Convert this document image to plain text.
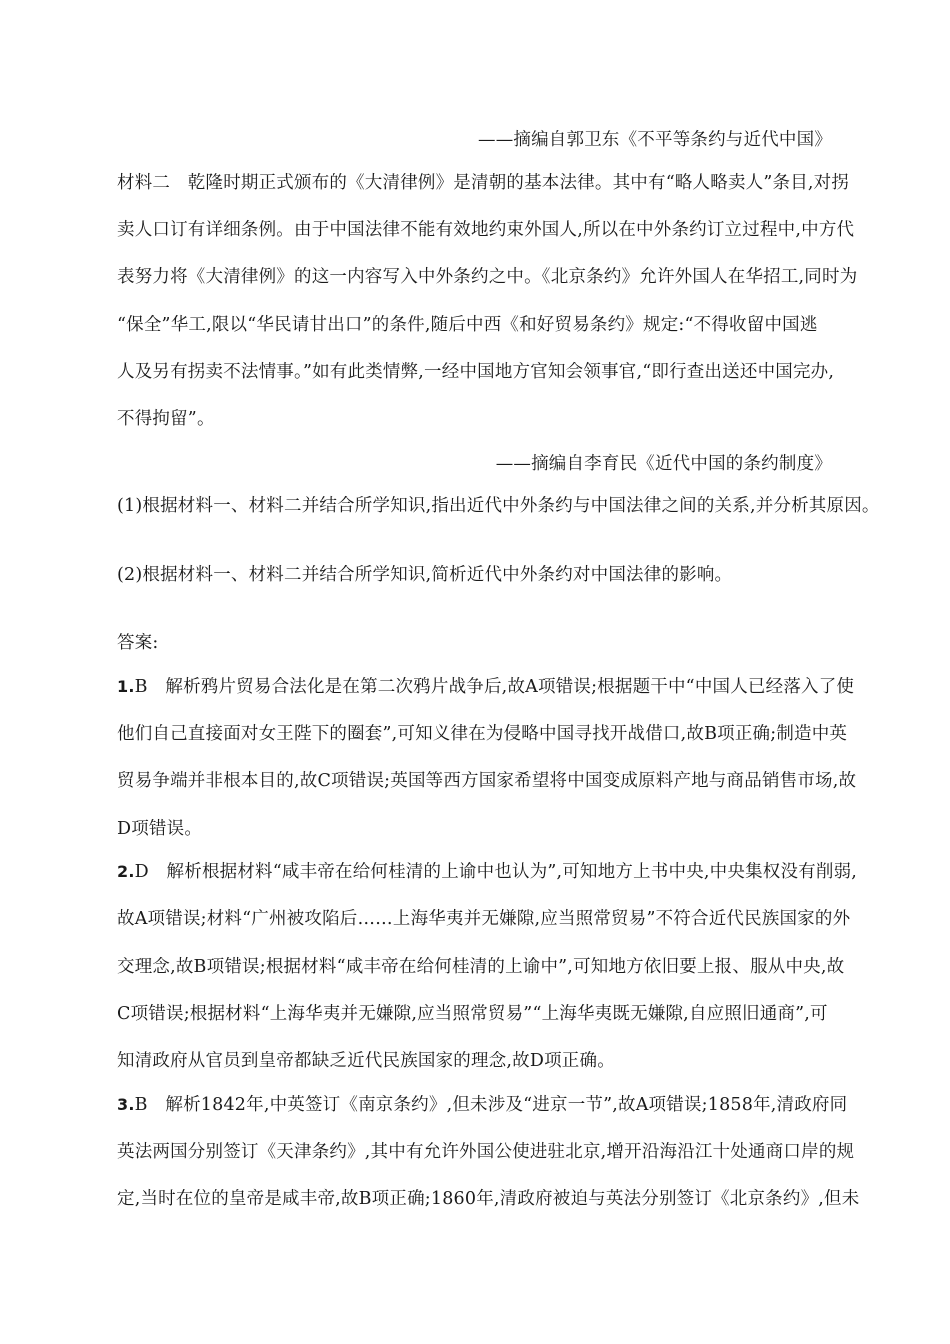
——摘编自郭卫东《不平等条约与近代中国》
材料二　乾隆时期正式颁布的《大清律例》是清朝的基本法律。其中有“略人略卖人”条目,对拐
卖人口订有详细条例。由于中国法律不能有效地约束外国人,所以在中外条约订立过程中,中方代
表努力将《大清律例》的这一内容写入中外条约之中。《北京条约》允许外国人在华招工,同时为
“保全”华工,限以“华民请甘出口”的条件,随后中西《和好贸易条约》规定:“不得收留中国逃
人及另有拐卖不法情事。”如有此类情弊,一经中国地方官知会领事官,“即行查出送还中国完办,
不得拘留”。
——摘编自李育民《近代中国的条约制度》
(1)根据材料一、材料二并结合所学知识,指出近代中外条约与中国法律之间的关系,并分析其原因。
(2)根据材料一、材料二并结合所学知识,简析近代中外条约对中国法律的影响。
答案:
1.B　解析鸦片贸易合法化是在第二次鸦片战争后,故A项错误;根据题干中“中国人已经落入了使
他们自己直接面对女王陛下的圈套”,可知义律在为侵略中国寻找开战借口,故B项正确;制造中英
贸易争端并非根本目的,故C项错误;英国等西方国家希望将中国变成原料产地与商品销售市场,故
D项错误。
2.D　解析根据材料“咸丰帝在给何桂清的上谕中也认为”,可知地方上书中央,中央集权没有削弱,
故A项错误;材料“广州被攻陷后……上海华夷并无嫌隙,应当照常贸易”不符合近代民族国家的外
交理念,故B项错误;根据材料“咸丰帝在给何桂清的上谕中”,可知地方依旧要上报、服从中央,故
C项错误;根据材料“上海华夷并无嫌隙,应当照常贸易”“上海华夷既无嫌隙,自应照旧通商”,可
知清政府从官员到皇帝都缺乏近代民族国家的理念,故D项正确。
3.B　解析1842年,中英签订《南京条约》,但未涉及“进京一节”,故A项错误;1858年,清政府同
英法两国分别签订《天津条约》,其中有允许外国公使进驻北京,增开沿海沿江十处通商口岸的规
定,当时在位的皇帝是咸丰帝,故B项正确;1860年,清政府被迫与英法分别签订《北京条约》,但未
